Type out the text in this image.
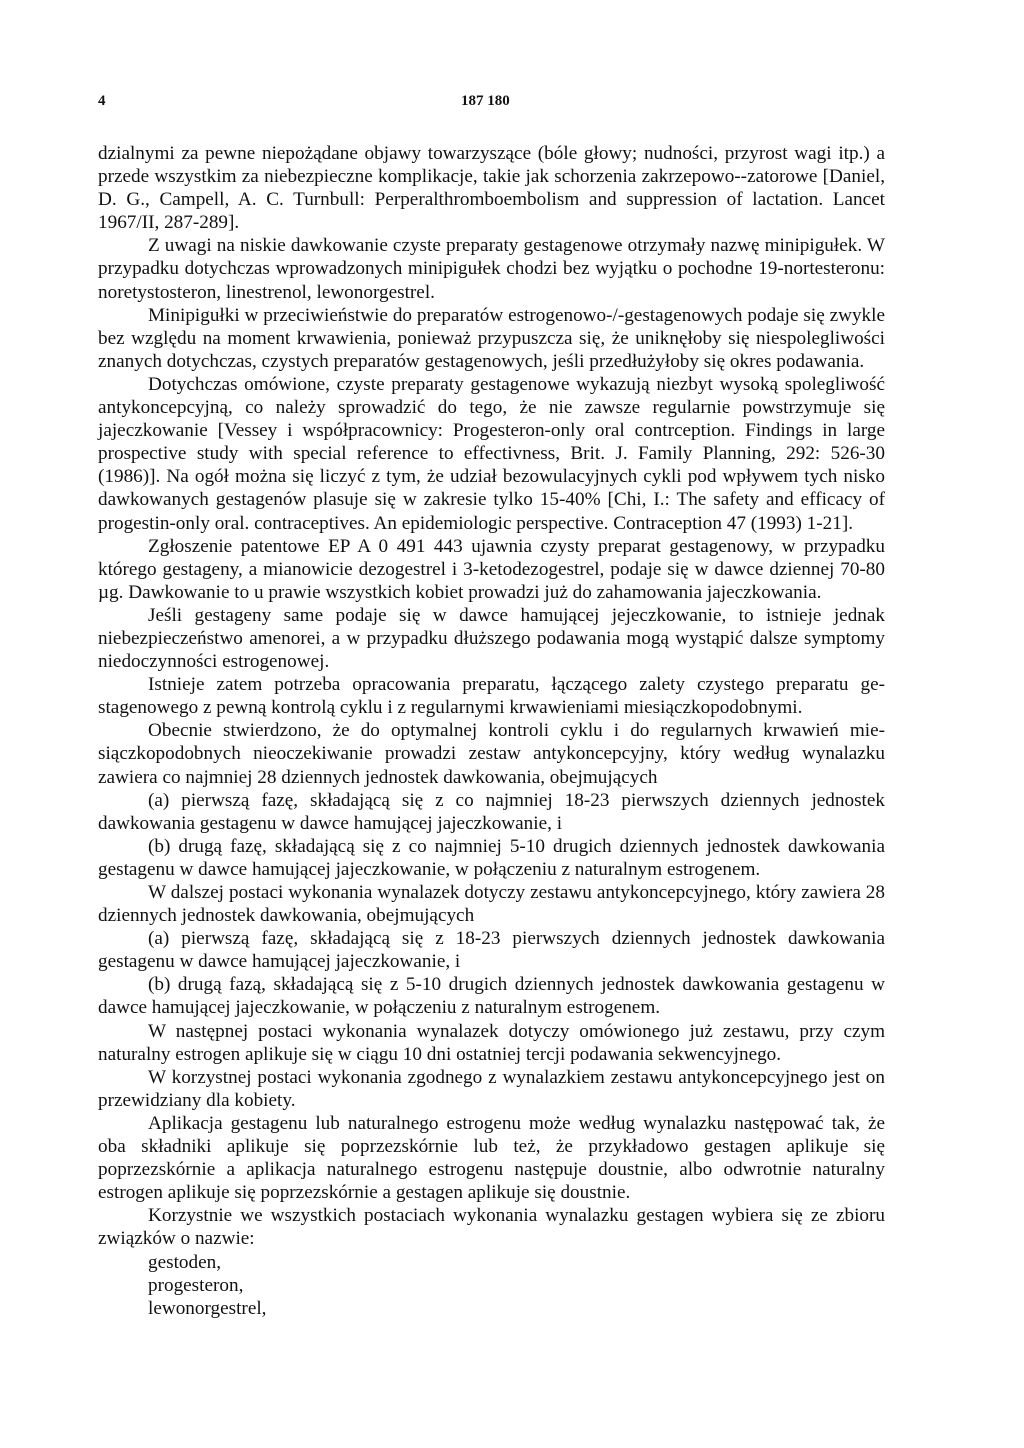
4	187 180

dzialnymi za pewne niepożądane objawy towarzyszące (bóle głowy; nudności, przyrost wagi itp.) a przede wszystkim za niebezpieczne komplikacje, takie jak schorzenia zakrzepowo--zatorowe [Daniel, D. G., Campell, A. C. Turnbull: Perperalthromboembolism and suppression of lactation. Lancet 1967/II, 287-289].

Z uwagi na niskie dawkowanie czyste preparaty gestagenowe otrzymały nazwę minipigułek. W przypadku dotychczas wprowadzonych minipigułek chodzi bez wyjątku o pochodne 19-nortesteronu: noretystosteron, linestrenol, lewonorgestrel.

Minipigułki w przeciwieństwie do preparatów estrogenowo-/-gestagenowych podaje się zwykle bez względu na moment krwawienia, ponieważ przypuszcza się, że uniknęłoby się niespolegliwości znanych dotychczas, czystych preparatów gestagenowych, jeśli przedłużyłoby się okres podawania.

Dotychczas omówione, czyste preparaty gestagenowe wykazują niezbyt wysoką spolegliwość antykoncepcyjną, co należy sprowadzić do tego, że nie zawsze regularnie powstrzymuje się jajeczkowanie [Vessey i współpracownicy: Progesteron-only oral contrception. Findings in large prospective study with special reference to effectivness, Brit. J. Family Planning, 292: 526-30 (1986)]. Na ogół można się liczyć z tym, że udział bezowulacyjnych cykli pod wpływem tych nisko dawkowanych gestagenów plasuje się w zakresie tylko 15-40% [Chi, I.: The safety and efficacy of progestin-only oral. contraceptives. An epidemiologic perspective. Contraception 47 (1993) 1-21].

Zgłoszenie patentowe EP A 0 491 443 ujawnia czysty preparat gestagenowy, w przypadku którego gestageny, a mianowicie dezogestrel i 3-ketodezogestrel, podaje się w dawce dziennej 70-80 µg. Dawkowanie to u prawie wszystkich kobiet prowadzi już do zahamowania jajeczkowania.

Jeśli gestageny same podaje się w dawce hamującej jejeczkowanie, to istnieje jednak niebezpieczeństwo amenorei, a w przypadku dłuższego podawania mogą wystąpić dalsze symptomy niedoczynności estrogenowej.

Istnieje zatem potrzeba opracowania preparatu, łączącego zalety czystego preparatu gestagenowego z pewną kontrolą cyklu i z regularnymi krwawieniami miesiączkopodobnymi.

Obecnie stwierdzono, że do optymalnej kontroli cyklu i do regularnych krwawień miesiączkopodobnych nieoczekiwanie prowadzi zestaw antykoncepcyjny, który według wynalazku zawiera co najmniej 28 dziennych jednostek dawkowania, obejmujących

(a) pierwszą fazę, składającą się z co najmniej 18-23 pierwszych dziennych jednostek dawkowania gestagenu w dawce hamującej jajeczkowanie, i

(b) drugą fazę, składającą się z co najmniej 5-10 drugich dziennych jednostek dawkowania gestagenu w dawce hamującej jajeczkowanie, w połączeniu z naturalnym estrogenem.

W dalszej postaci wykonania wynalazek dotyczy zestawu antykoncepcyjnego, który zawiera 28 dziennych jednostek dawkowania, obejmujących

(a) pierwszą fazę, składającą się z 18-23 pierwszych dziennych jednostek dawkowania gestagenu w dawce hamującej jajeczkowanie, i

(b) drugą fazą, składającą się z 5-10 drugich dziennych jednostek dawkowania gestagenu w dawce hamującej jajeczkowanie, w połączeniu z naturalnym estrogenem.

W następnej postaci wykonania wynalazek dotyczy omówionego już zestawu, przy czym naturalny estrogen aplikuje się w ciągu 10 dni ostatniej tercji podawania sekwencyjnego.

W korzystnej postaci wykonania zgodnego z wynalazkiem zestawu antykoncepcyjnego jest on przewidziany dla kobiety.

Aplikacja gestagenu lub naturalnego estrogenu może według wynalazku następować tak, że oba składniki aplikuje się poprzezskórnie lub też, że przykładowo gestagen aplikuje się poprzezskórnie a aplikacja naturalnego estrogenu następuje doustnie, albo odwrotnie naturalny estrogen aplikuje się poprzezskórnie a gestagen aplikuje się doustnie.

Korzystnie we wszystkich postaciach wykonania wynalazku gestagen wybiera się ze zbioru związków o nazwie:

gestoden,
progesteron,
lewonorgestrel,
